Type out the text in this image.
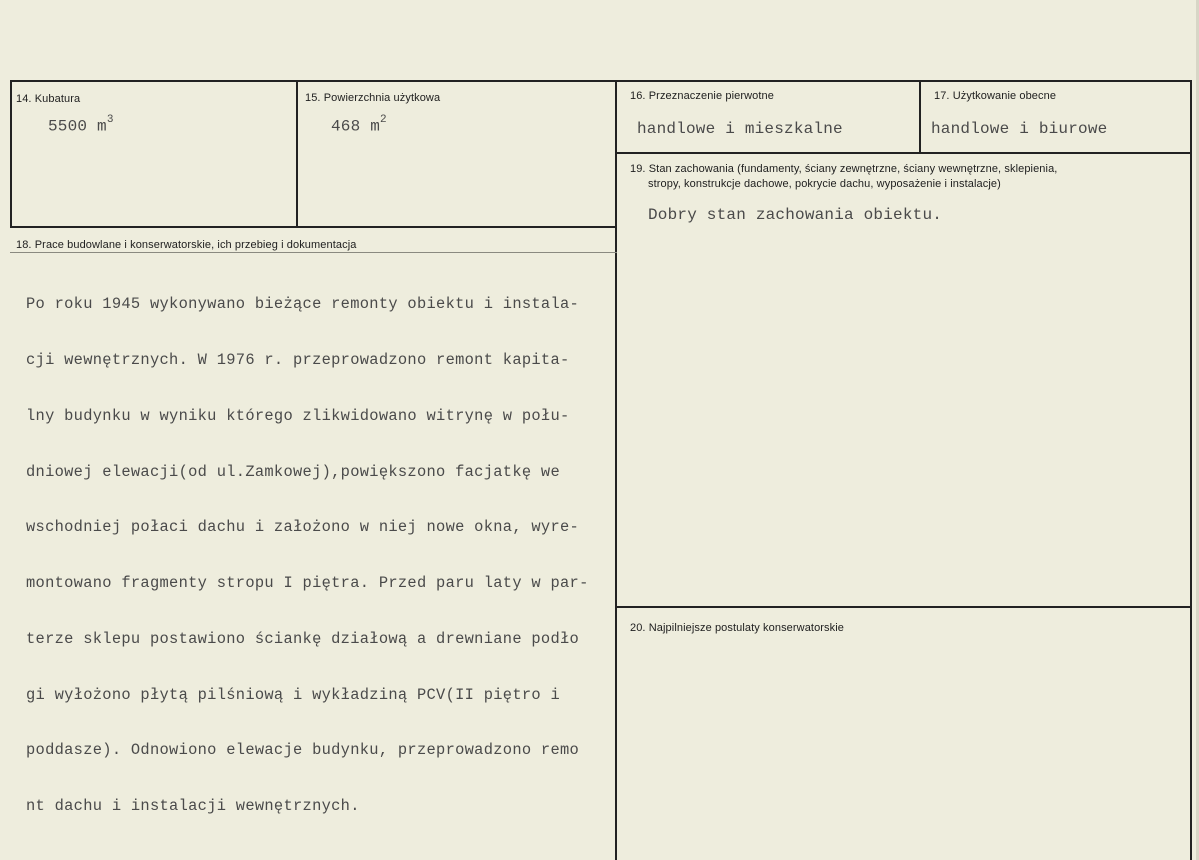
14. Kubatura
5500 $m^3$
15. Powierzchnia użytkowa
468 $m^2$
16. Przeznaczenie pierwotne
handlowe i mieszkalne
17. Użytkowanie obecne
handlowe i biurowe
18. Prace budowlane i konserwatorskie, ich przebieg i dokumentacja

Po roku 1945 wykonywano bieżące remonty obiektu i instala-

cji wewnętrznych. W 1976 r. przeprowadzono remont kapita-

lny budynku w wyniku którego zlikwidowano witrynę w połu-

dniowej elewacji(od ul.Zamkowej),powiększono facjatkę we

wschodniej połaci dachu i założono w niej nowe okna, wyre-

montowano fragmenty stropu I piętra. Przed paru laty w par-

terze sklepu postawiono ściankę działową a drewniane podło

gi wyłożono płytą pilśniową i wykładziną PCV(II piętro i

poddasze). Odnowiono elewacje budynku, przeprowadzono remo

nt dachu i instalacji wewnętrznych.

19. Stan zachowania (fundamenty, ściany zewnętrzne, ściany wewnętrzne, sklepienia,
stropy, konstrukcje dachowe, pokrycie dachu, wyposażenie i instalacje)
Dobry stan zachowania obiektu.
20. Najpilniejsze postulaty konserwatorskie
